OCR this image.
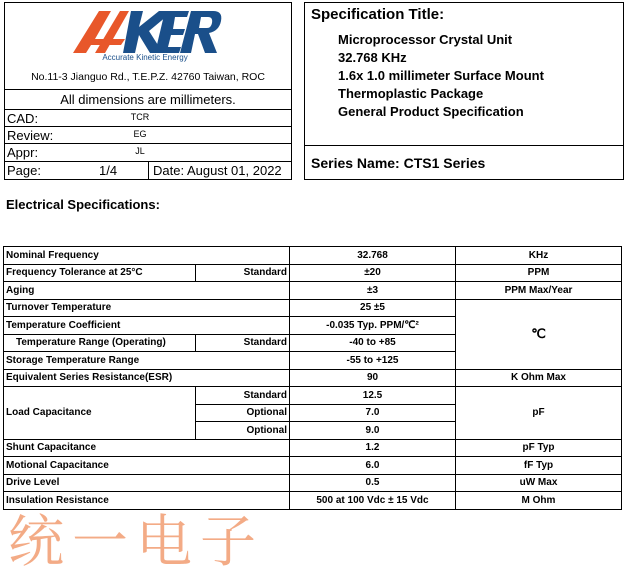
Accurate Kinetic Energy
No.11-3 Jianguo Rd., T.E.P.Z. 42760 Taiwan, ROC
All dimensions are millimeters.
CAD:	TCR
Review:	EG
Appr:	JL
Page:	1/4	Date: August 01, 2022
Specification Title:
Microprocessor Crystal Unit
32.768 KHz
1.6x 1.0 millimeter Surface Mount
Thermoplastic Package
General Product Specification
Series Name: CTS1 Series
Electrical Specifications:
Nominal Frequency		32.768	KHz
Frequency Tolerance at 25°C	Standard	±20	PPM
Aging		±3	PPM Max/Year
Turnover Temperature		25 ±5	℃
Temperature Coefficient		-0.035 Typ. PPM/℃²	
Temperature Range (Operating)	Standard	-40 to +85	
Storage Temperature Range		-55 to +125	
Equivalent Series Resistance(ESR)		90	K Ohm Max
Load Capacitance	Standard	12.5	pF
	Optional	7.0	
	Optional	9.0	
Shunt Capacitance		1.2	pF Typ
Motional Capacitance		6.0	fF Typ
Drive Level		0.5	uW Max
Insulation Resistance		500 at 100 Vdc ± 15 Vdc	M Ohm
统一电子
